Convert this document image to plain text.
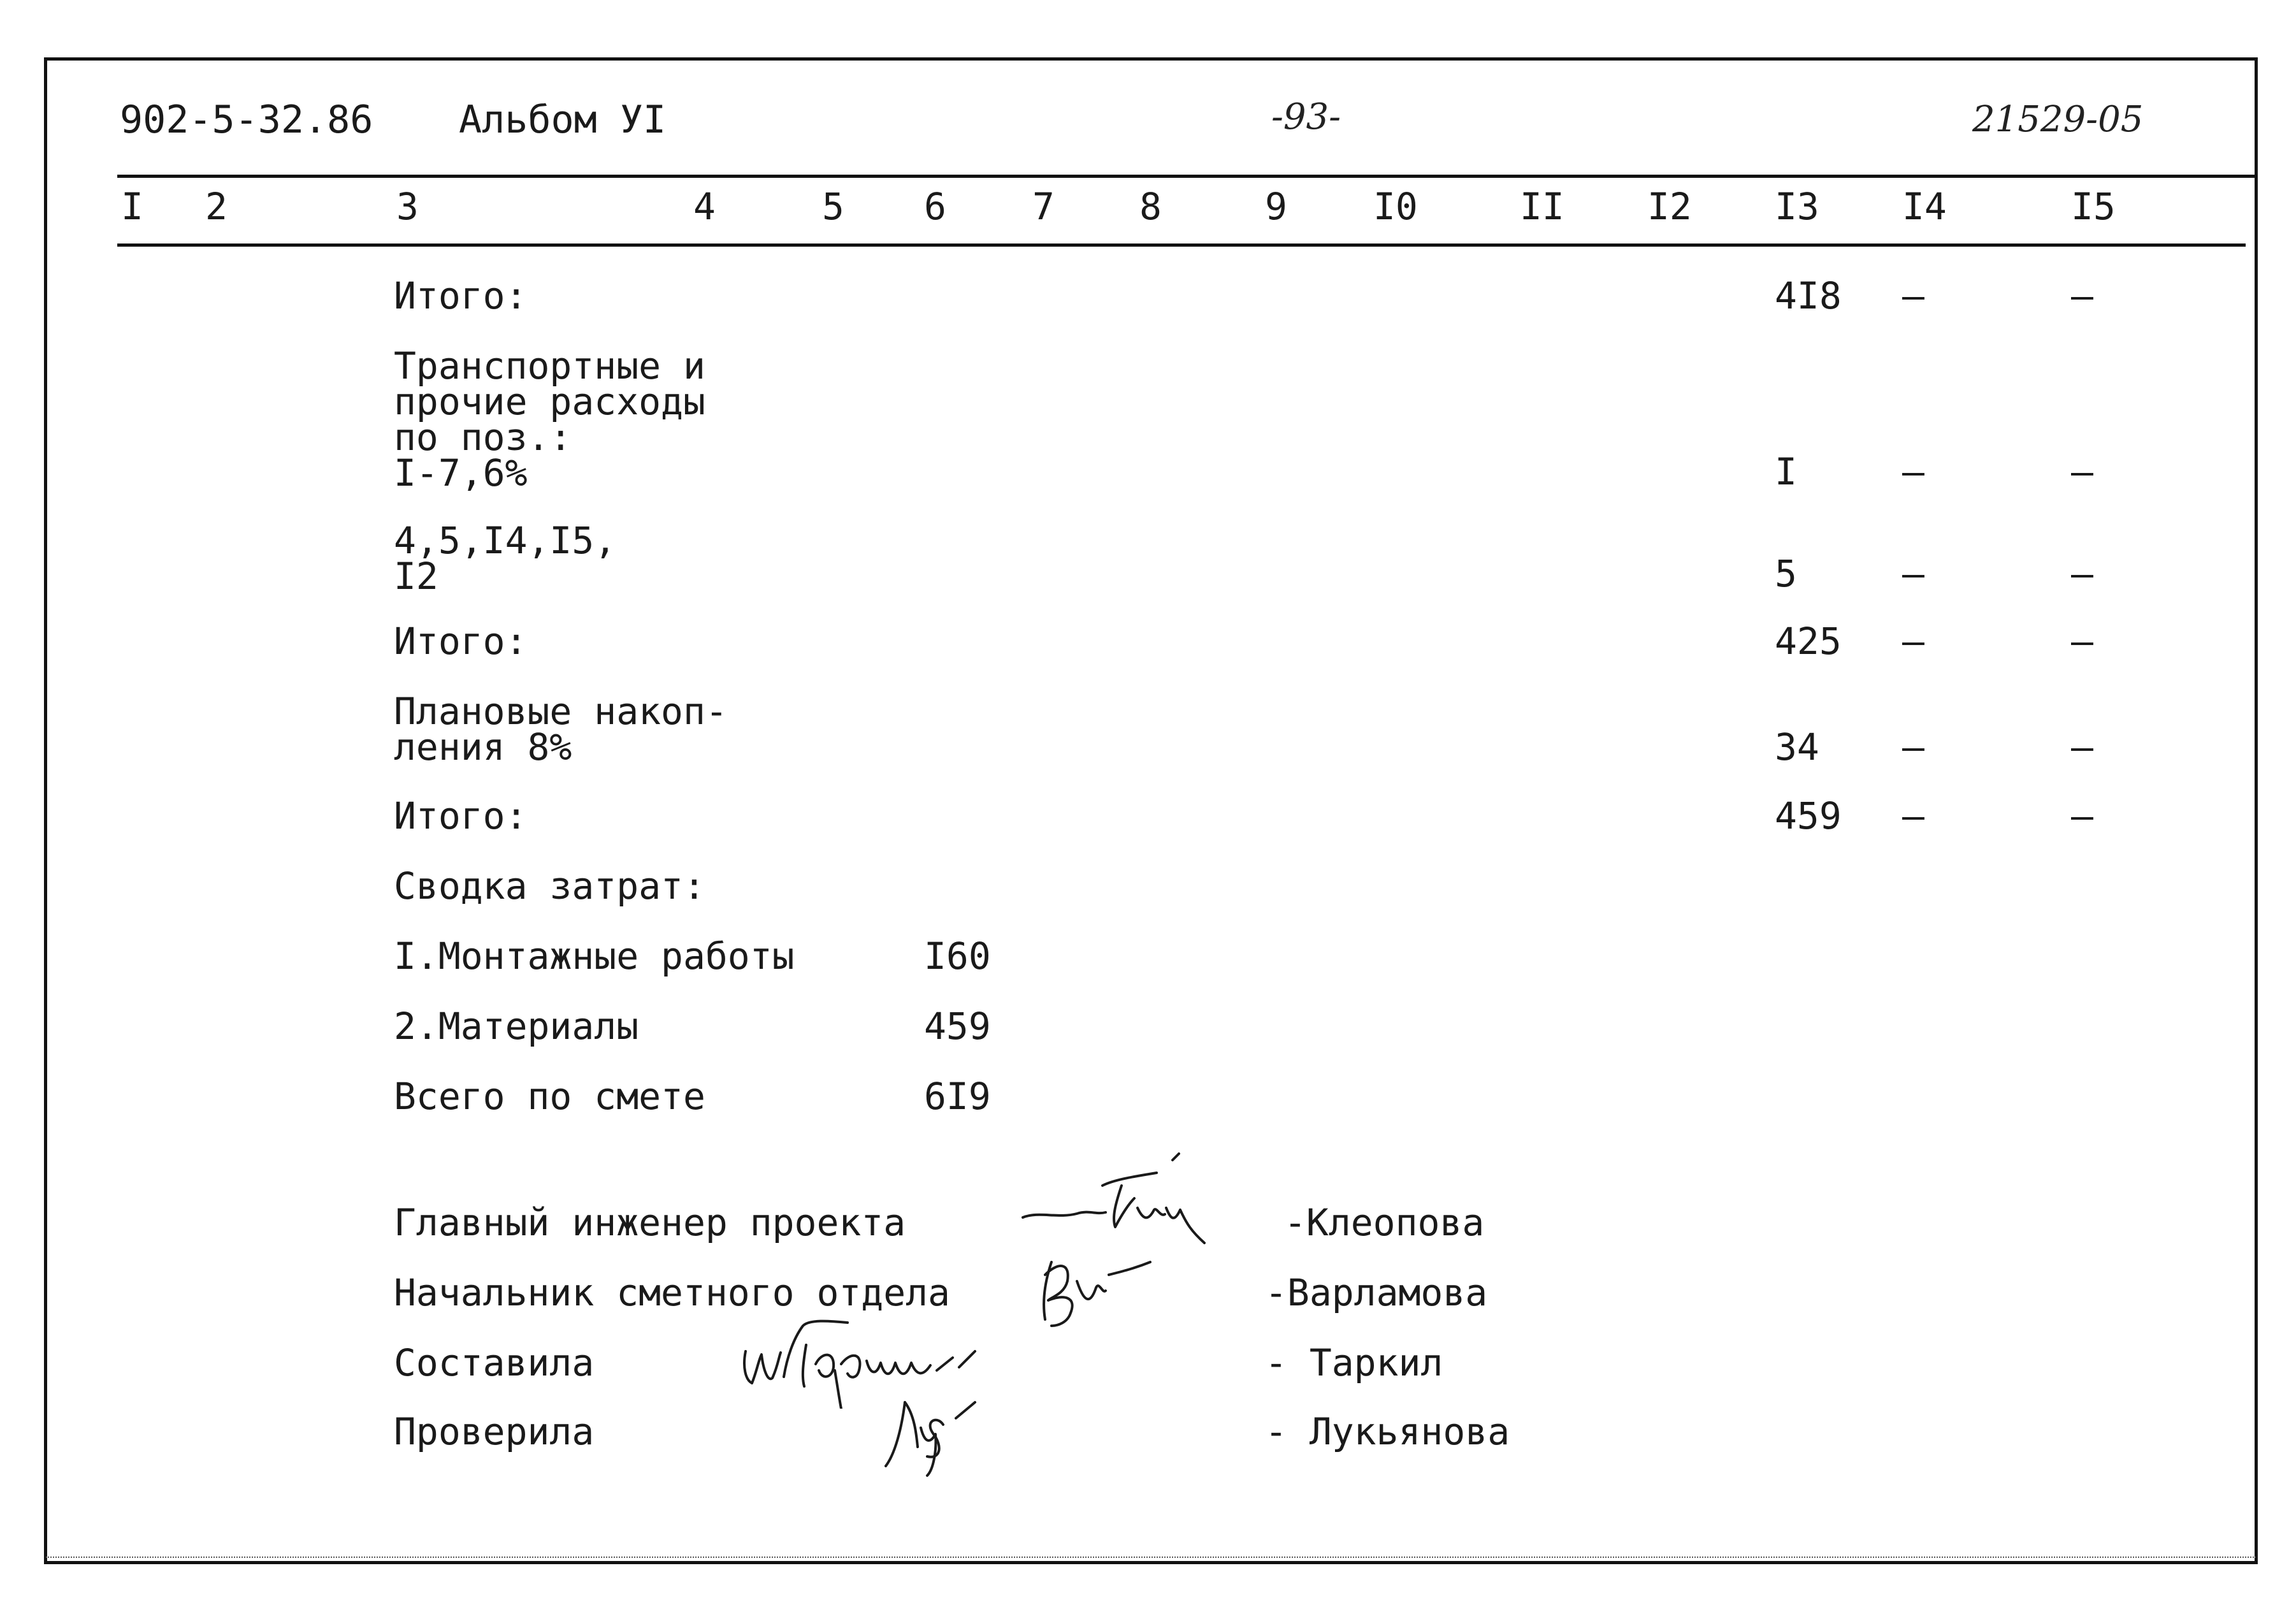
902-5-32.86 Альбом УI	-93-	21529-05
I 2	3	4	5 6 7 8	9 I0	II I2 I3 I4	I5
Итого:	4I8 –	–
Транспортные и
прочие расходы
по поз.:
I-7,6%	I	–	–
4,5,I4,I5,
I2	5	–	–
Итого:	425 –	–
Плановые накоп-
ления 8%	34 –	–
Итого:	459 –	–
Сводка затрат:
I.Монтажные работы	I60
2.Материалы	459
Всего по смете	6I9
Главный инженер проекта	-Клеопова
Начальник сметного отдела	-Варламова
Составила	- Таркил
Проверила	- Лукьянова
